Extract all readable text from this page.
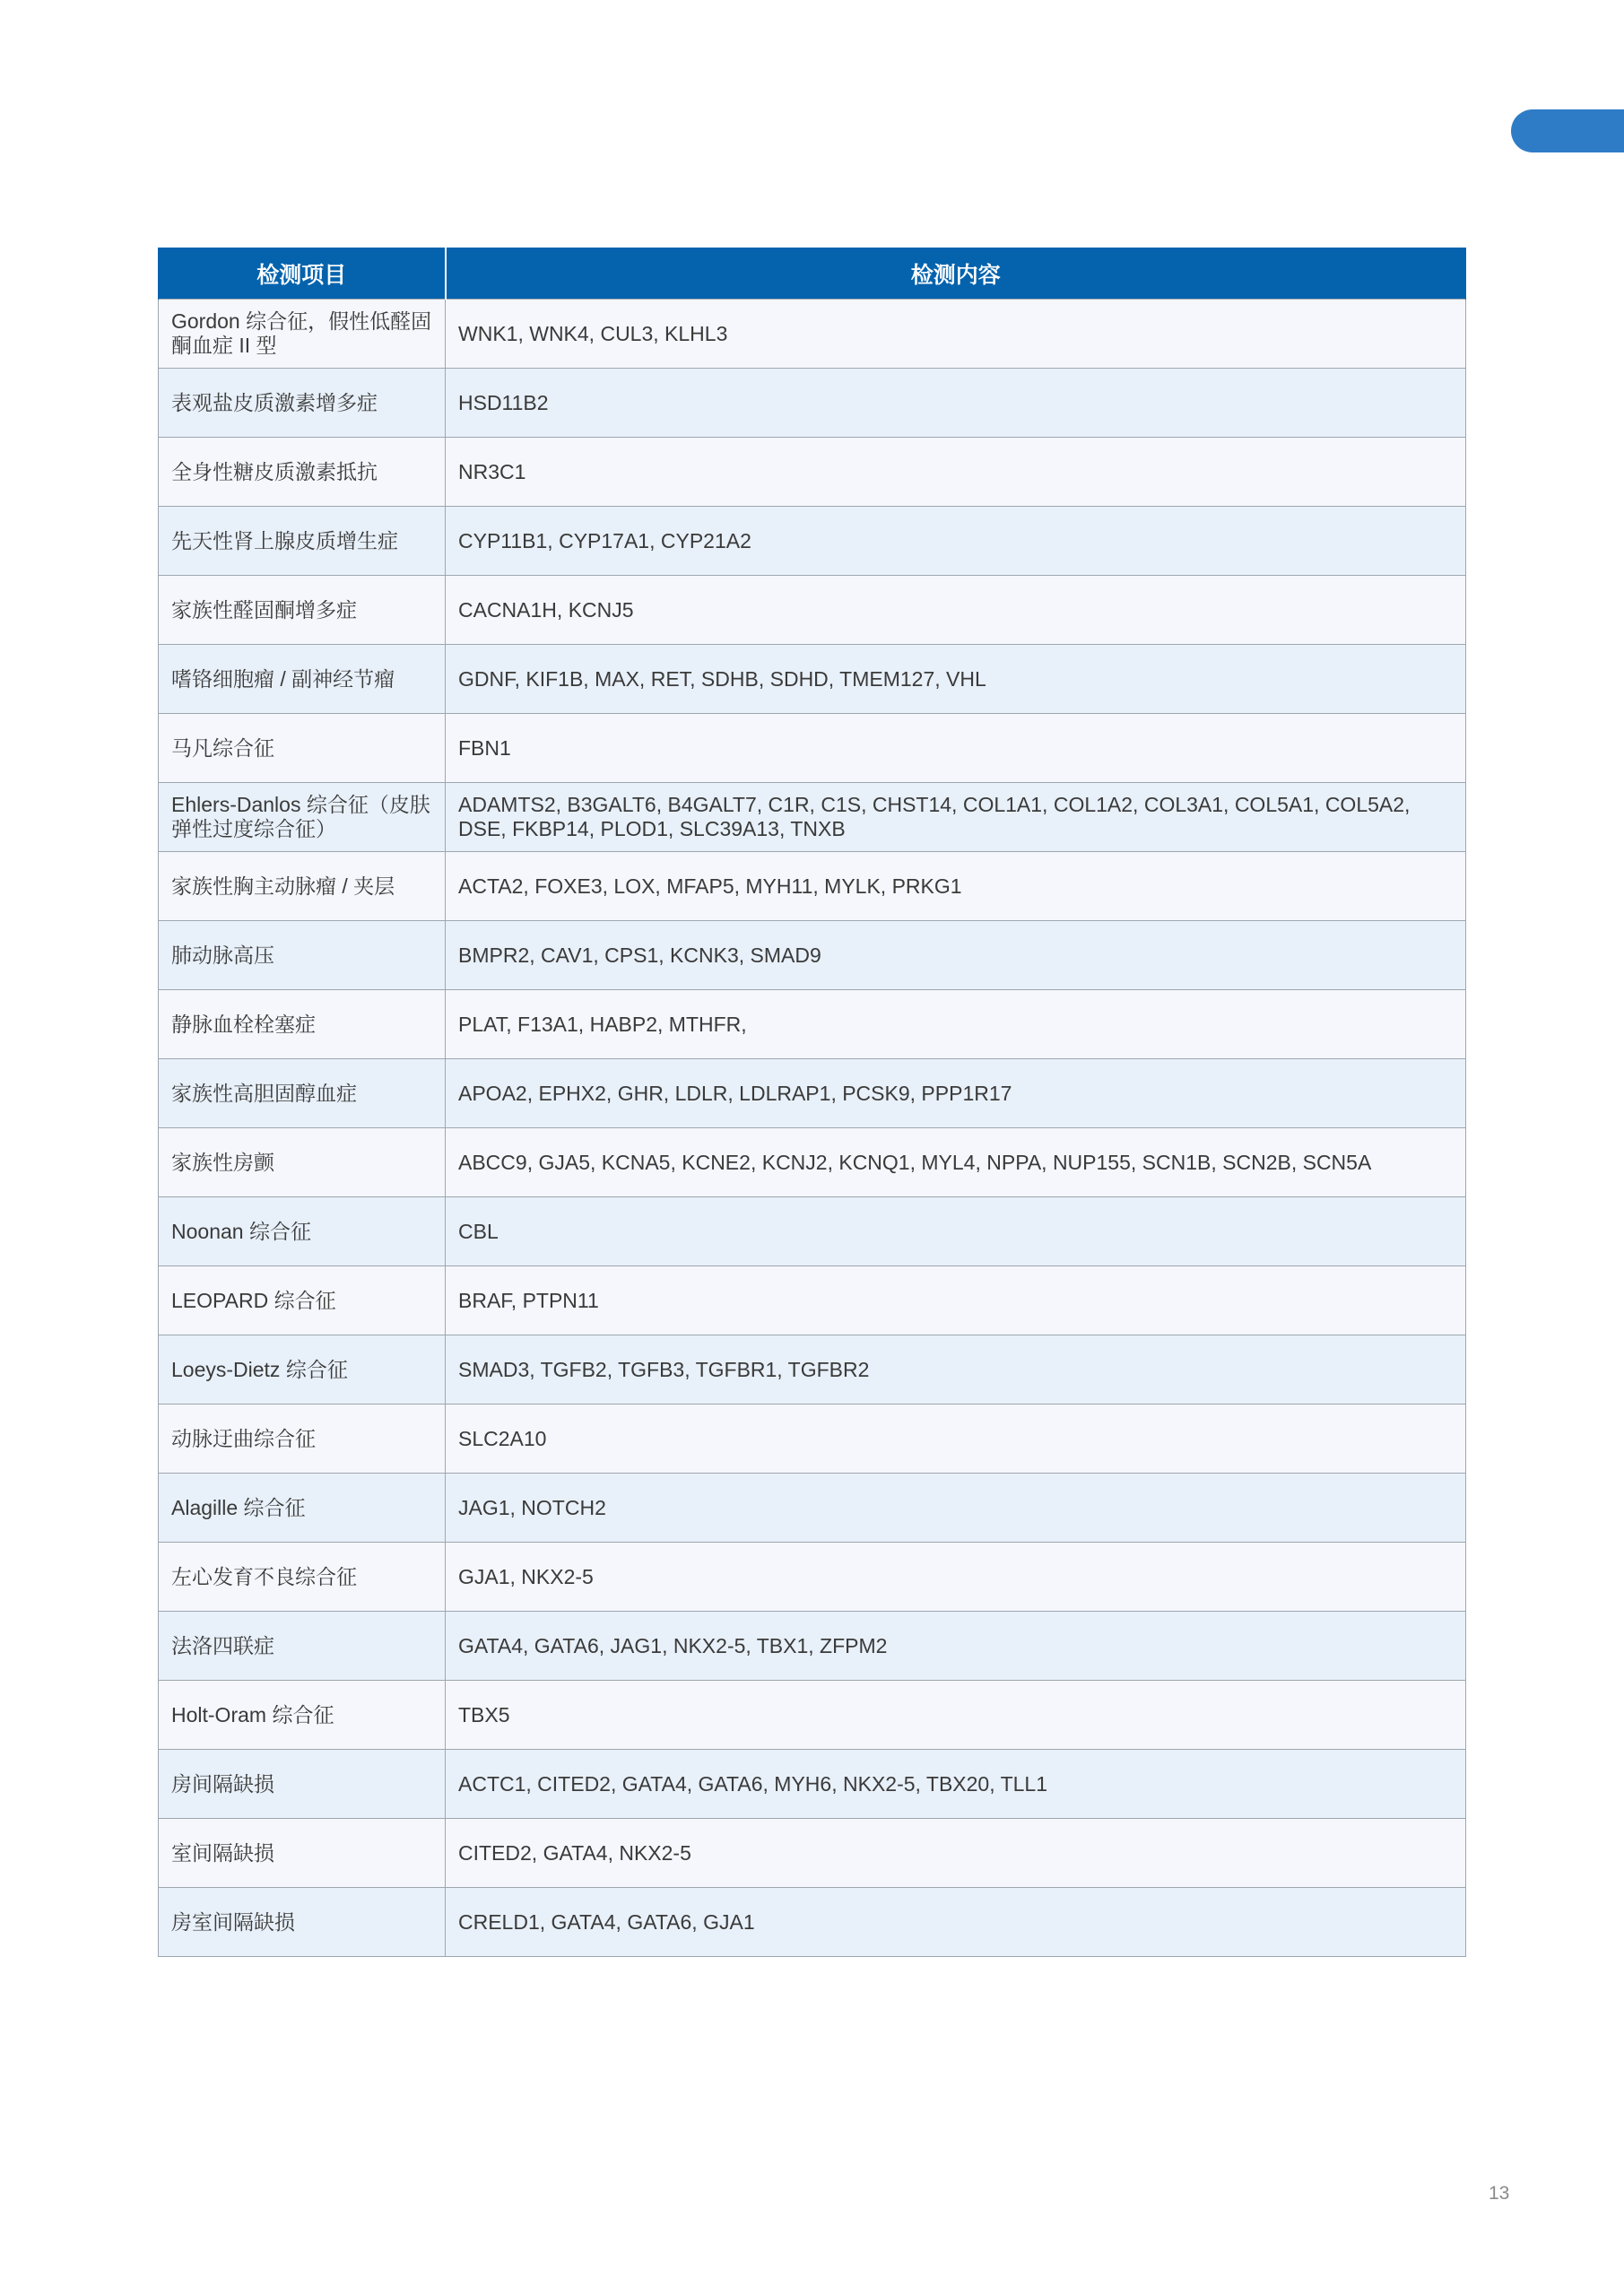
检测项目	检测内容
Gordon 综合征，假性低醛固酮血症 II 型	WNK1, WNK4, CUL3, KLHL3
表观盐皮质激素增多症	HSD11B2
全身性糖皮质激素抵抗	NR3C1
先天性肾上腺皮质增生症	CYP11B1, CYP17A1, CYP21A2
家族性醛固酮增多症	CACNA1H, KCNJ5
嗜铬细胞瘤 / 副神经节瘤	GDNF, KIF1B, MAX, RET, SDHB, SDHD, TMEM127, VHL
马凡综合征	FBN1
Ehlers-Danlos 综合征（皮肤弹性过度综合征）	ADAMTS2, B3GALT6, B4GALT7, C1R, C1S, CHST14, COL1A1, COL1A2, COL3A1, COL5A1, COL5A2, DSE, FKBP14, PLOD1, SLC39A13, TNXB
家族性胸主动脉瘤 / 夹层	ACTA2, FOXE3, LOX, MFAP5, MYH11, MYLK, PRKG1
肺动脉高压	BMPR2, CAV1, CPS1, KCNK3, SMAD9
静脉血栓栓塞症	PLAT, F13A1, HABP2, MTHFR,
家族性高胆固醇血症	APOA2, EPHX2, GHR, LDLR, LDLRAP1, PCSK9, PPP1R17
家族性房颤	ABCC9, GJA5, KCNA5, KCNE2, KCNJ2, KCNQ1, MYL4, NPPA, NUP155, SCN1B, SCN2B, SCN5A
Noonan 综合征	CBL
LEOPARD 综合征	BRAF, PTPN11
Loeys-Dietz 综合征	SMAD3, TGFB2, TGFB3, TGFBR1, TGFBR2
动脉迂曲综合征	SLC2A10
Alagille 综合征	JAG1, NOTCH2
左心发育不良综合征	GJA1, NKX2-5
法洛四联症	GATA4, GATA6, JAG1, NKX2-5, TBX1, ZFPM2
Holt-Oram 综合征	TBX5
房间隔缺损	ACTC1, CITED2, GATA4, GATA6, MYH6, NKX2-5, TBX20, TLL1
室间隔缺损	CITED2, GATA4, NKX2-5
房室间隔缺损	CRELD1, GATA4, GATA6, GJA1
13
